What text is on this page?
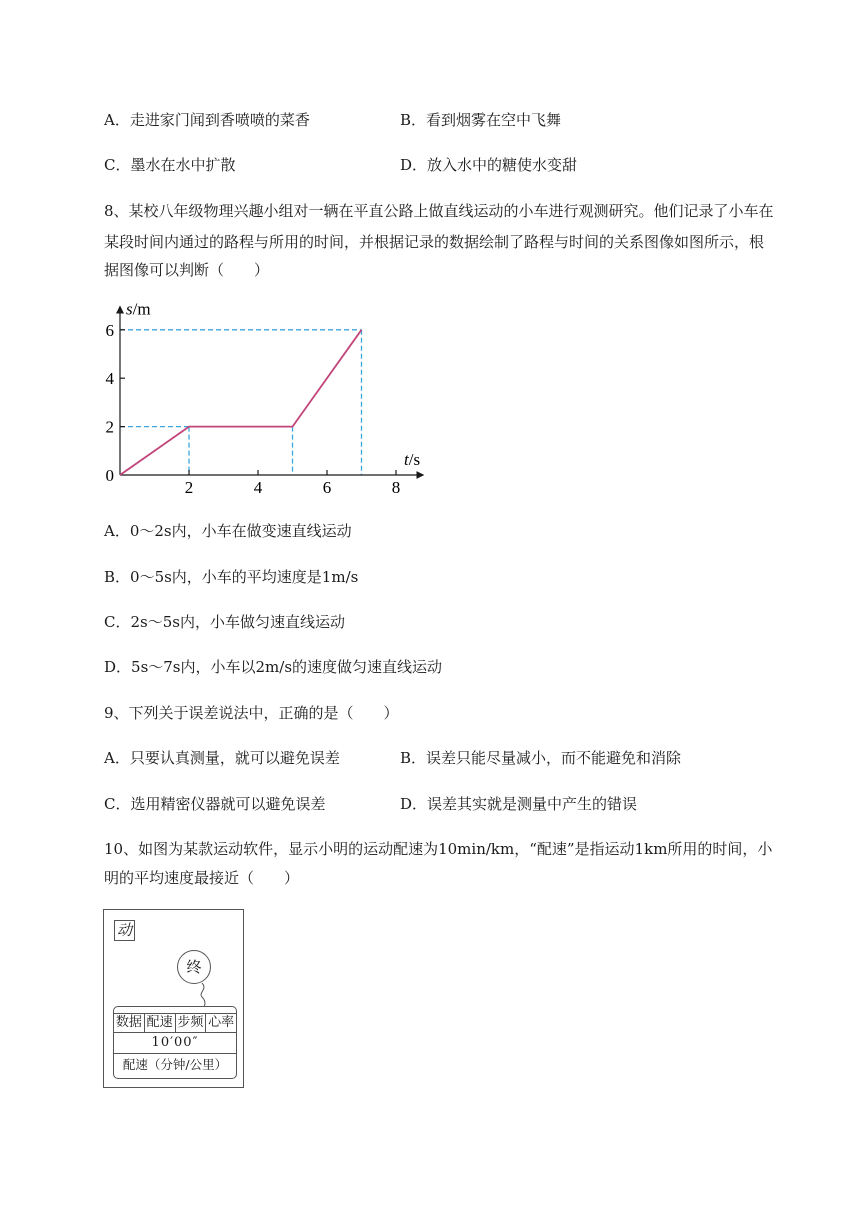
A．走进家门闻到香喷喷的菜香	B．看到烟雾在空中飞舞
C．墨水在水中扩散	D．放入水中的糖使水变甜
8、某校八年级物理兴趣小组对一辆在平直公路上做直线运动的小车进行观测研究。他们记录了小车在
某段时间内通过的路程与所用的时间，并根据记录的数据绘制了路程与时间的关系图像如图所示，根
据图像可以判断（　　）
2	4	6	8
2
4
6
s/m
t/s
0
A．0～2s内，小车在做变速直线运动
B．0～5s内，小车的平均速度是1m/s
C．2s～5s内，小车做匀速直线运动
D．5s～7s内，小车以2m/s的速度做匀速直线运动
9、下列关于误差说法中，正确的是（　　）
A．只要认真测量，就可以避免误差	B．误差只能尽量减小，而不能避免和消除
C．选用精密仪器就可以避免误差	D．误差其实就是测量中产生的错误
10、如图为某款运动软件，显示小明的运动配速为10min/km，“配速”是指运动1km所用的时间，小
明的平均速度最接近（　　）
动
终
数据 配速 步频 心率
10′00″
配速（分钟/公里）
